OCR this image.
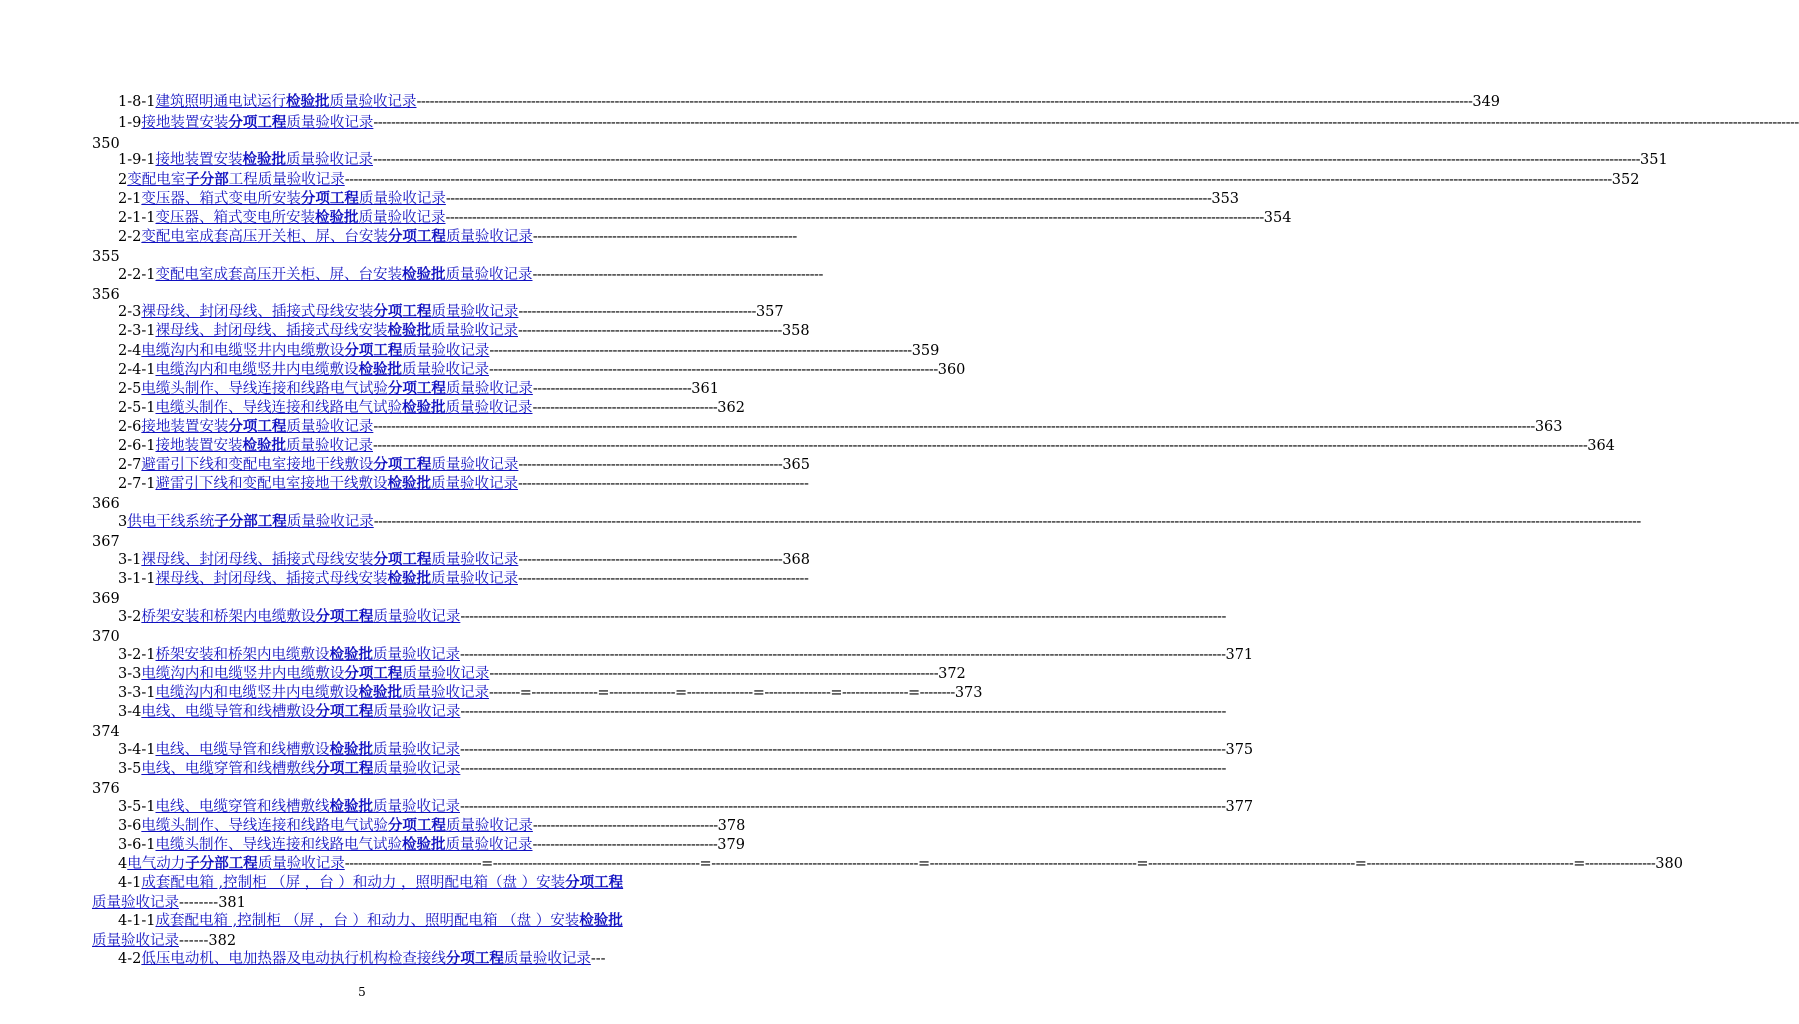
1-8-1 建筑照明通电试运行检验批质量验收记录 ------------------------------------------------------------------------------------------------------------------------------------------------------------------------------------------------------------------------------------------------ 349
1-9 接地装置安装分项工程质量验收记录 ------------------------------------------------------------------------------------------------------------------------------------------------------------------------------------------------------------------------------------------------------------------------------------------------------------------------------------
350
1-9-1 接地装置安装检验批质量验收记录 ------------------------------------------------------------------------------------------------------------------------------------------------------------------------------------------------------------------------------------------------------------------------------------------------ 351
2 变配电室子分部工程质量验收记录 ------------------------------------------------------------------------------------------------------------------------------------------------------------------------------------------------------------------------------------------------------------------------------------------------ 352
2-1 变压器、箱式变电所安装分项工程质量验收记录 ------------------------------------------------------------------------------------------------------------------------------------------------------------------------------ 353
2-1-1 变压器、箱式变电所安装检验批质量验收记录 ------------------------------------------------------------------------------------------------------------------------------------------------------------------------------------------ 354
2-2 变配电室成套高压开关柜、屏、台安装分项工程质量验收记录 ------------------------------------------------------------
355
2-2-1 变配电室成套高压开关柜、屏、台安装检验批质量验收记录 ------------------------------------------------------------------
356
2-3 裸母线、封闭母线、插接式母线安装分项工程质量验收记录 ------------------------------------------------------ 357
2-3-1 裸母线、封闭母线、插接式母线安装检验批质量验收记录 ------------------------------------------------------------ 358
2-4 电缆沟内和电缆竖井内电缆敷设分项工程质量验收记录 ------------------------------------------------------------------------------------------------ 359
2-4-1 电缆沟内和电缆竖井内电缆敷设检验批质量验收记录 ------------------------------------------------------------------------------------------------------ 360
2-5 电缆头制作、导线连接和线路电气试验分项工程质量验收记录 ------------------------------------ 361
2-5-1 电缆头制作、导线连接和线路电气试验检验批质量验收记录 ------------------------------------------ 362
2-6 接地装置安装分项工程质量验收记录 ------------------------------------------------------------------------------------------------------------------------------------------------------------------------------------------------------------------------------------------------------------------------ 363
2-6-1 接地装置安装检验批质量验收记录 ------------------------------------------------------------------------------------------------------------------------------------------------------------------------------------------------------------------------------------------------------------------------------------ 364
2-7 避雷引下线和变配电室接地干线敷设分项工程质量验收记录 ------------------------------------------------------------ 365
2-7-1 避雷引下线和变配电室接地干线敷设检验批质量验收记录 ------------------------------------------------------------------
366
3 供电干线系统子分部工程质量验收记录 ------------------------------------------------------------------------------------------------------------------------------------------------------------------------------------------------------------------------------------------------------------------------------------------------
367
3-1 裸母线、封闭母线、插接式母线安装分项工程质量验收记录 ------------------------------------------------------------ 368
3-1-1 裸母线、封闭母线、插接式母线安装检验批质量验收记录 ------------------------------------------------------------------
369
3-2 桥架安装和桥架内电缆敷设分项工程质量验收记录 ------------------------------------------------------------------------------------------------------------------------------------------------------------------------------
370
3-2-1 桥架安装和桥架内电缆敷设检验批质量验收记录 ------------------------------------------------------------------------------------------------------------------------------------------------------------------------------ 371
3-3 电缆沟内和电缆竖井内电缆敷设分项工程质量验收记录 ------------------------------------------------------------------------------------------------------ 372
3-3-1 电缆沟内和电缆竖井内电缆敷设检验批质量验收记录 -------=---------------=---------------=---------------=---------------=---------------=-------- 373
3-4 电线、电缆导管和线槽敷设分项工程质量验收记录 ------------------------------------------------------------------------------------------------------------------------------------------------------------------------------
374
3-4-1 电线、电缆导管和线槽敷设检验批质量验收记录 ------------------------------------------------------------------------------------------------------------------------------------------------------------------------------ 375
3-5 电线、电缆穿管和线槽敷线分项工程质量验收记录 ------------------------------------------------------------------------------------------------------------------------------------------------------------------------------
376
3-5-1 电线、电缆穿管和线槽敷线检验批质量验收记录 ------------------------------------------------------------------------------------------------------------------------------------------------------------------------------ 377
3-6 电缆头制作、导线连接和线路电气试验分项工程质量验收记录 ------------------------------------------ 378
3-6-1 电缆头制作、导线连接和线路电气试验检验批质量验收记录 ------------------------------------------ 379
4 电气动力子分部工程质量验收记录 -------------------------------=-----------------------------------------------=-----------------------------------------------=-----------------------------------------------=-----------------------------------------------=-----------------------------------------------=---------------- 380
4-1 成套配电箱 ,控制柜 （屏 ，台 ）和动力 ，照明配电箱（盘 ）安装分项工程
质量验收记录 -------- 381
4-1-1 成套配电箱 ,控制柜 （屏 ，台 ）和动力、照明配电箱 （盘 ）安装检验批
质量验收记录 ------ 382
4-2 低压电动机、电加热器及电动执行机构检查接线分项工程质量验收记录 ---
5
